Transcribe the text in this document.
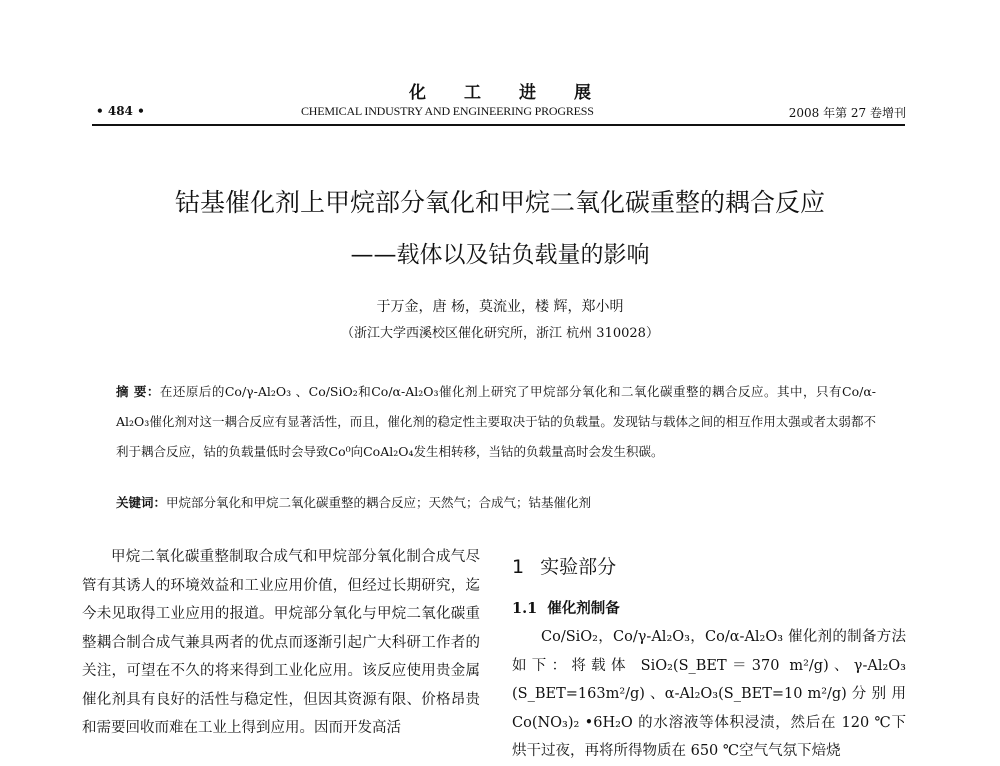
化工进展
• 484 •	CHEMICAL INDUSTRY AND ENGINEERING PROGRESS	2008 年第 27 卷增刊
钴基催化剂上甲烷部分氧化和甲烷二氧化碳重整的耦合反应
——载体以及钴负载量的影响
于万金，唐 杨，莫流业，楼 辉，郑小明
（浙江大学西溪校区催化研究所，浙江 杭州 310028）
摘 要：在还原后的Co/γ-Al₂O₃ 、Co/SiO₂和Co/α-Al₂O₃催化剂上研究了甲烷部分氧化和二氧化碳重整的耦合反应。其中，只有Co/α-Al₂O₃催化剂对这一耦合反应有显著活性，而且，催化剂的稳定性主要取决于钴的负载量。发现钴与载体之间的相互作用太强或者太弱都不利于耦合反应，钴的负载量低时会导致Co⁰向CoAl₂O₄发生相转移，当钴的负载量高时会发生积碳。
关键词：甲烷部分氧化和甲烷二氧化碳重整的耦合反应；天然气；合成气；钴基催化剂

甲烷二氧化碳重整制取合成气和甲烷部分氧化制合成气尽管有其诱人的环境效益和工业应用价值，但经过长期研究，迄今未见取得工业应用的报道。甲烷部分氧化与甲烷二氧化碳重整耦合制合成气兼具两者的优点而逐渐引起广大科研工作者的关注，可望在不久的将来得到工业化应用。该反应使用贵金属催化剂具有良好的活性与稳定性，但因其资源有限、价格昂贵和需要回收而难在工业上得到应用。因而开发高活

1 实验部分
1.1 催化剂制备

Co/SiO₂，Co/γ-Al₂O₃，Co/α-Al₂O₃ 催化剂的制备方法如下：将载体 SiO₂(S_BET＝370 m²/g)、γ-Al₂O₃ (S_BET=163m²/g) 、α-Al₂O₃(S_BET=10 m²/g) 分 别 用 Co(NO₃)₂ •6H₂O 的水溶液等体积浸渍，然后在 120 ℃下烘干过夜，再将所得物质在 650 ℃空气气氛下焙烧
